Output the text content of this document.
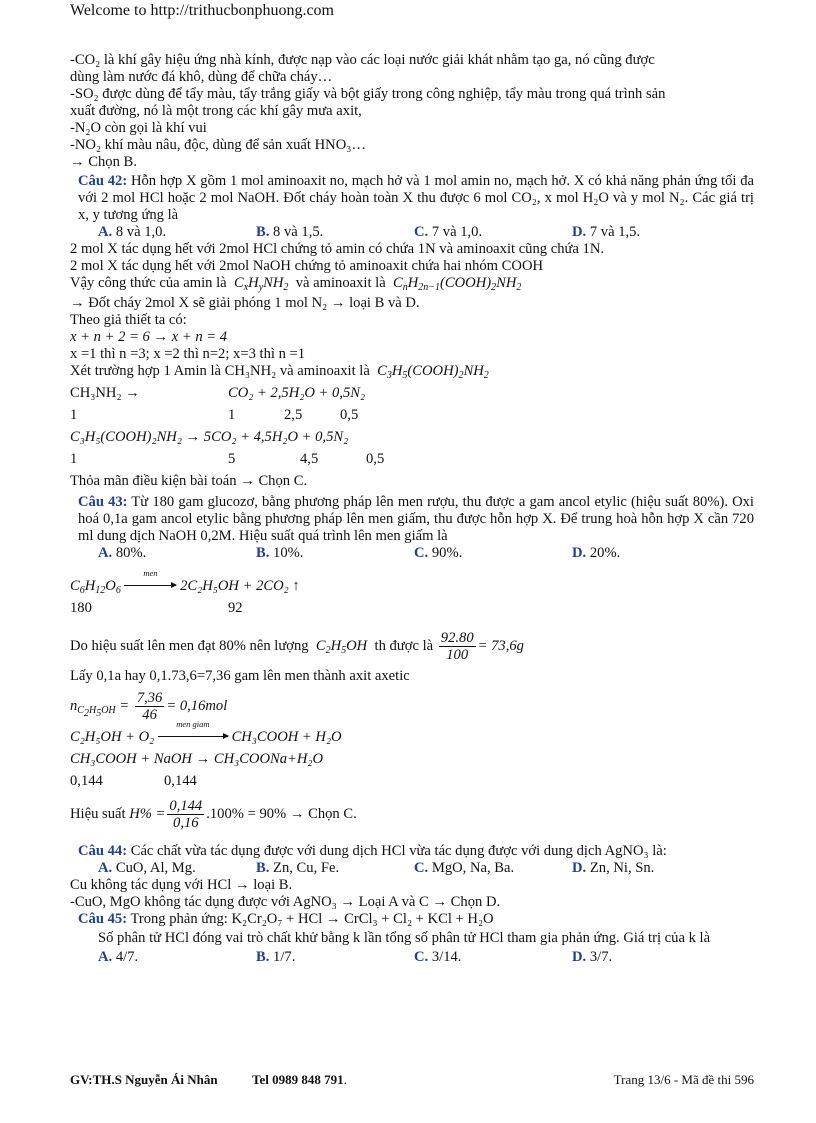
Welcome to http://trithucbonphuong.com
-CO₂ là khí gây hiệu ứng nhà kính, được nạp vào các loại nước giải khát nhằm tạo ga, nó cũng được
dùng làm nước đá khô, dùng để chữa cháy…
-SO₂ được dùng để tẩy màu, tẩy trắng giấy và bột giấy trong công nghiệp, tẩy màu trong quá trình sản
xuất đường, nó là một trong các khí gây mưa axit,
-N₂O còn gọi là khí vui
-NO₂ khí màu nâu, độc, dùng để sản xuất HNO₃…
→ Chọn B.
Câu 42: Hỗn hợp X gồm 1 mol aminoaxit no, mạch hở và 1 mol amin no, mạch hở. X có khả năng phản ứng tối đa với 2 mol HCl hoặc 2 mol NaOH. Đốt cháy hoàn toàn X thu được 6 mol CO₂, x mol H₂O và y mol N₂. Các giá trị x, y tương ứng là
A. 8 và 1,0.	B. 8 và 1,5.	C. 7 và 1,0.	D. 7 và 1,5.
2 mol X tác dụng hết với 2mol HCl chứng tỏ amin có chứa 1N và aminoaxit cũng chứa 1N.
2 mol X tác dụng hết với 2mol NaOH chứng tỏ aminoaxit chứa hai nhóm COOH
Vậy công thức của amin là  $C_xH_yNH_2$ và aminoaxit là  $C_nH_{2n-1}(COOH)_2NH_2$
→ Đốt cháy 2mol X sẽ giải phóng 1 mol N₂ → loại B và D.
Theo giả thiết ta có:
x + n + 2 = 6 → x + n = 4
x =1 thì n =3; x =2 thì n=2; x=3 thì n =1
Xét trường hợp 1 Amin là CH₃NH₂ và aminoaxit là  $C_3H_5(COOH)_2NH_2$
CH₃NH₂ →	CO₂ + 2,5H₂O + 0,5N₂
1	1	2,5	0,5
C₃H₅(COOH)₂NH₂ → 5CO₂ + 4,5H₂O + 0,5N₂
1	5	4,5	0,5
Thỏa mãn điều kiện bài toán → Chọn C.
Câu 43: Từ 180 gam glucozơ, bằng phương pháp lên men rượu, thu được a gam ancol etylic (hiệu suất 80%). Oxi hoá 0,1a gam ancol etylic bằng phương pháp lên men giấm, thu được hỗn hợp X. Để trung hoà hỗn hợp X cần 720 ml dung dịch NaOH 0,2M. Hiệu suất quá trình lên men giấm là
A. 80%.	B. 10%.	C. 90%.	D. 20%.
$C_6H_{12}O_6$
men
2C₂H₅OH + 2CO₂ ↑
180	92
Do hiệu suất lên men đạt 80% nên lượng  $C_2H_5OH$  th được là $\frac{92.80}{100} = 73,6g$
Lấy 0,1a hay 0,1.73,6=7,36 gam lên men thành axit axetic
$n_{C_2H_5OH} = \frac{7,36}{46} = 0,16mol$
C₂H₅OH + O₂
men giam
CH₃COOH + H₂O
CH₃COOH + NaOH → CH₃COONa+H₂O
0,144	0,144
Hiệu suất $H\% = \frac{0,144}{0,16} .100\% = 90\%$ → Chọn C.
Câu 44: Các chất vừa tác dụng được với dung dịch HCl vừa tác dụng được với dung dịch AgNO₃ là:
A. CuO, Al, Mg.	B. Zn, Cu, Fe.	C. MgO, Na, Ba.	D. Zn, Ni, Sn.
Cu không tác dụng với HCl → loại B.
-CuO, MgO không tác dụng được với AgNO₃ → Loại A và C → Chọn D.
Câu 45: Trong phản ứng: K₂Cr₂O₇ + HCl → CrCl₃ + Cl₂ + KCl + H₂O
Số phân tử HCl đóng vai trò chất khử bằng k lần tổng số phân tử HCl tham gia phản ứng. Giá trị của k là
A. 4/7.	B. 1/7.	C. 3/14.	D. 3/7.
GV:TH.S Nguyễn Ái Nhân	Tel 0989 848 791 .	Trang 13/6 - Mã đề thi 596
